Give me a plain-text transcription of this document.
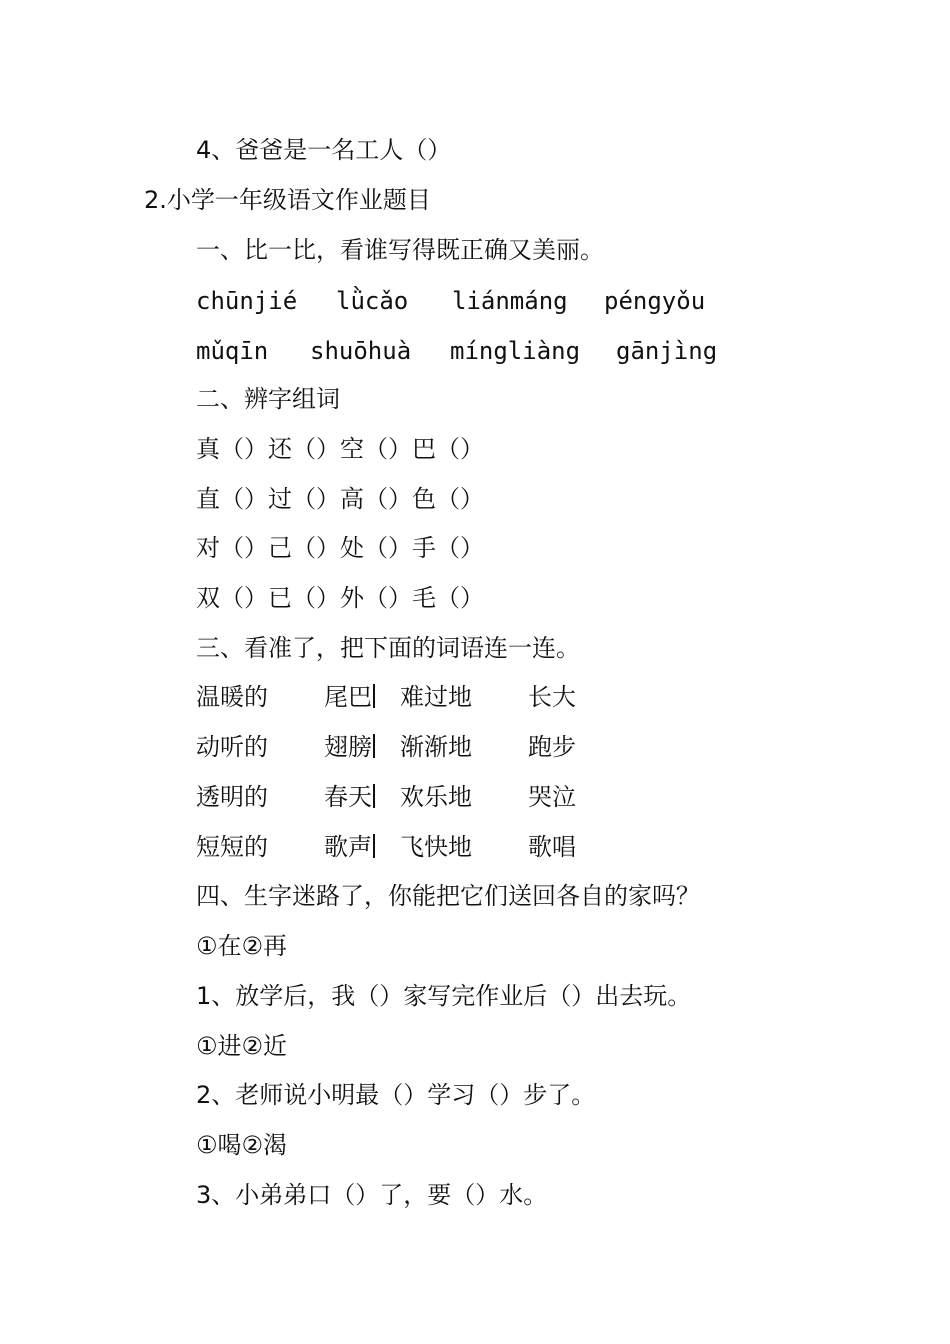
4、爸爸是一名工人（）
2.小学一年级语文作业题目
一、比一比，看谁写得既正确又美丽。
chūnjié lǜcǎo liánmáng péngyǒu
mǔqīn shuōhuà míngliàng gānjìng
二、辨字组词
真（）还（）空（）巴（）
直（）过（）高（）色（）
对（）己（）处（）手（）
双（）已（）外（）毛（）
三、看准了，把下面的词语连一连。
温暖的 尾巴 难过地 长大
动听的 翅膀 渐渐地 跑步
透明的 春天 欢乐地 哭泣
短短的 歌声 飞快地 歌唱
四、生字迷路了，你能把它们送回各自的家吗？
①在②再
1、放学后，我（）家写完作业后（）出去玩。
①进②近
2、老师说小明最（）学习（）步了。
①喝②渴
3、小弟弟口（）了，要（）水。
